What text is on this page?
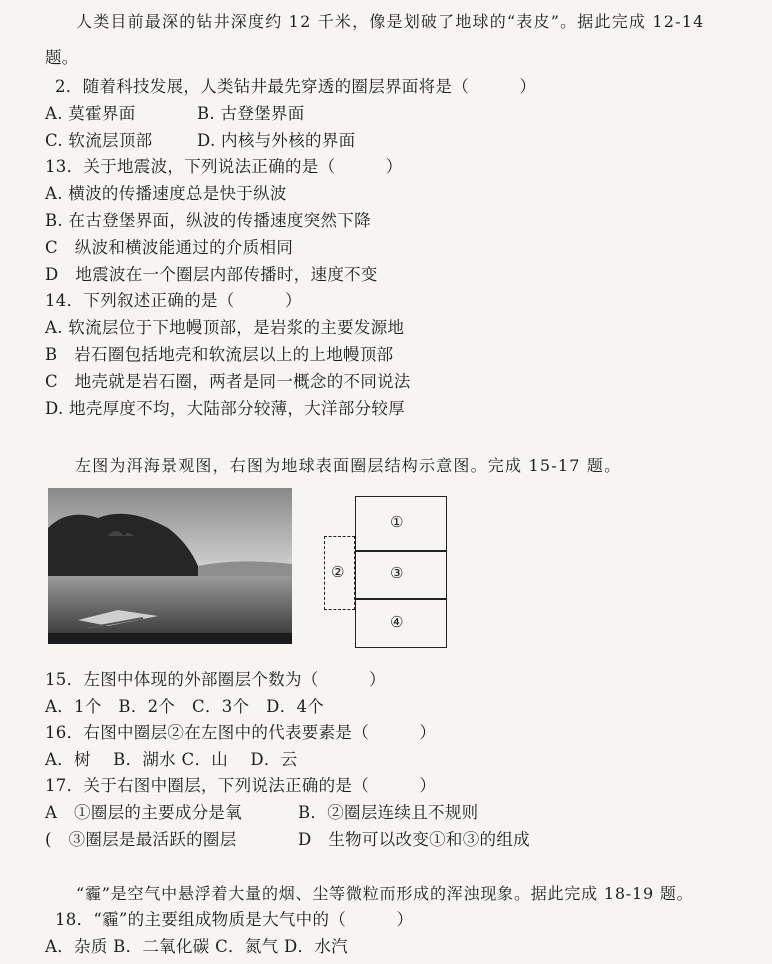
人类目前最深的钻井深度约 12 千米，像是划破了地球的“表皮”。据此完成 12-14
题。
2．随着科技发展，人类钻井最先穿透的圈层界面将是（　　　）
A. 莫霍界面	B. 古登堡界面
C. 软流层顶部	D. 内核与外核的界面
13．关于地震波，下列说法正确的是（　　　）
A. 横波的传播速度总是快于纵波
B. 在古登堡界面，纵波的传播速度突然下降
C　纵波和横波能通过的介质相同
D　地震波在一个圈层内部传播时，速度不变
14．下列叙述正确的是（　　　）
A. 软流层位于下地幔顶部，是岩浆的主要发源地
B　岩石圈包括地壳和软流层以上的上地幔顶部
C　地壳就是岩石圈，两者是同一概念的不同说法
D. 地壳厚度不均，大陆部分较薄，大洋部分较厚
左图为洱海景观图，右图为地球表面圈层结构示意图。完成 15-17 题。
①
③
④
②
15．左图中体现的外部圈层个数为（　　　）
A．1个　B．2个　C．3个　D．4个
16．右图中圈层②在左图中的代表要素是（　　　）
A．树　 B．湖水 C．山　 D．云
17．关于右图中圈层，下列说法正确的是（　　　）
A　①圈层的主要成分是氧	B．②圈层连续且不规则
(　③圈层是最活跃的圈层	D　生物可以改变①和③的组成
“霾”是空气中悬浮着大量的烟、尘等微粒而形成的浑浊现象。据此完成 18-19 题。
18．“霾”的主要组成物质是大气中的（　　　）
A．杂质 B．二氧化碳 C．氮气 D．水汽
